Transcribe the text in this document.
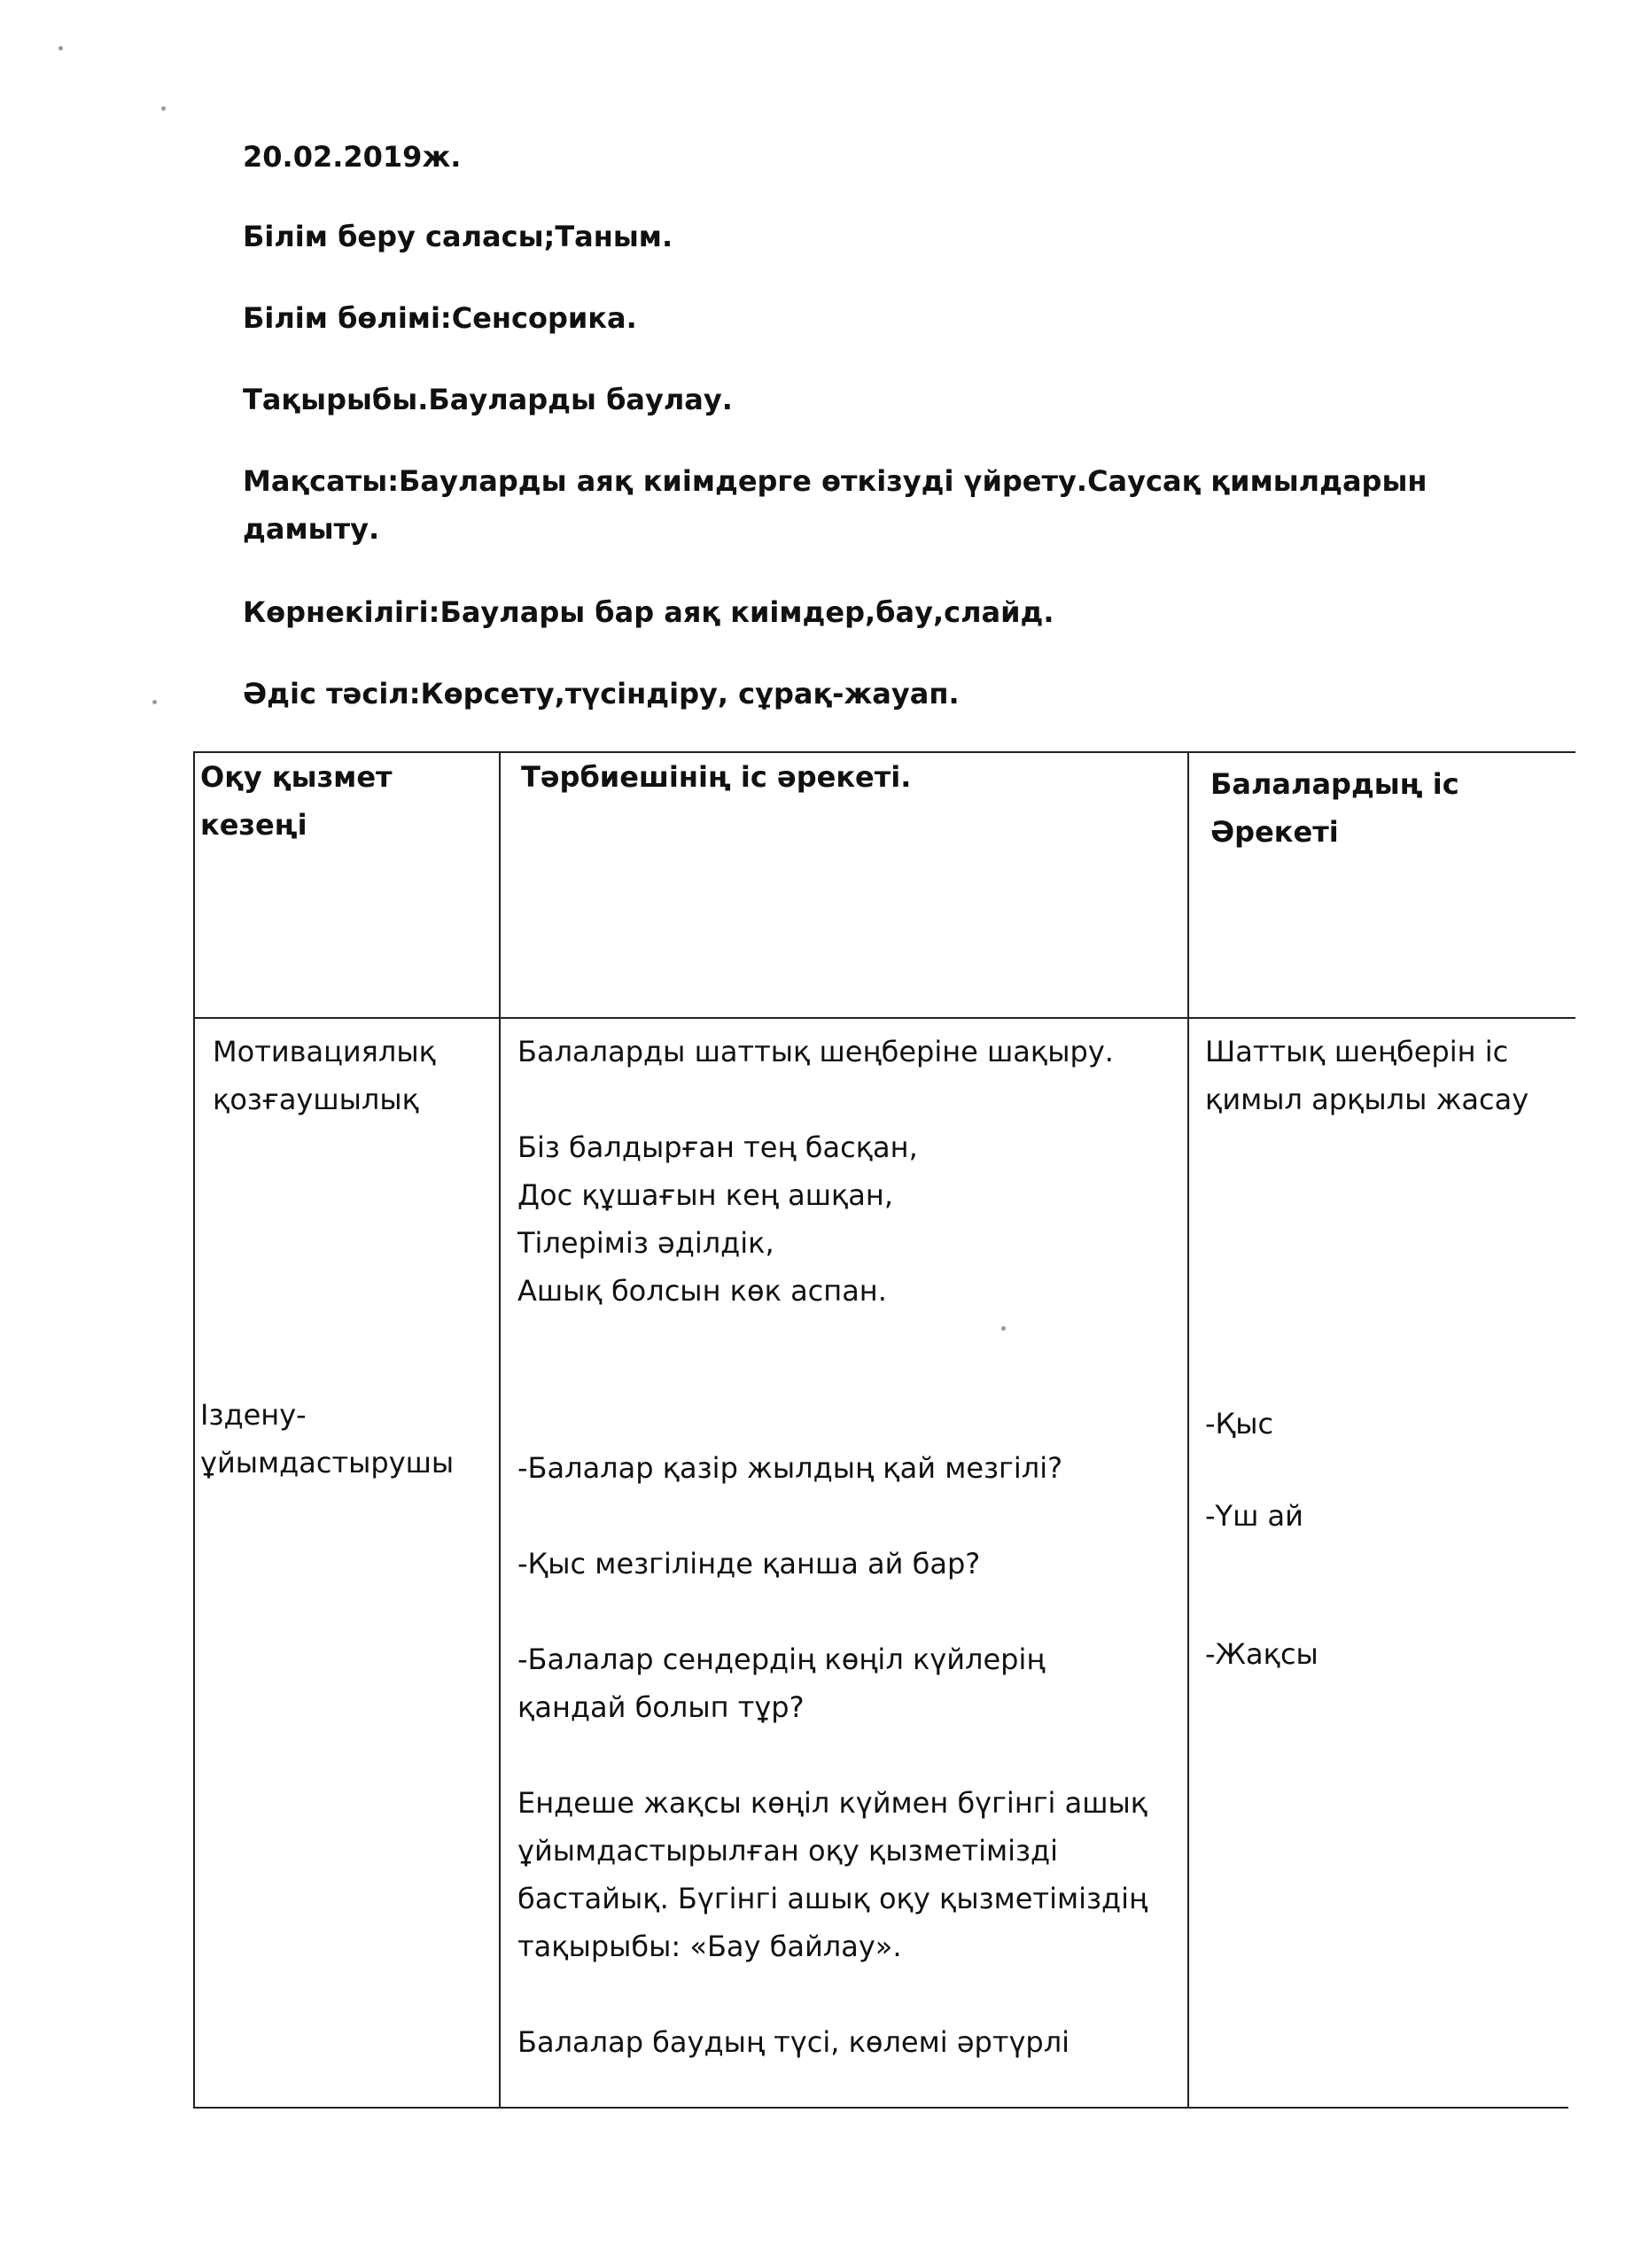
20.02.2019ж.

Білім беру саласы;Таным.

Білім бөлімі:Сенсорика.

Тақырыбы.Бауларды баулау.

Мақсаты:Бауларды аяқ киімдерге өткізуді үйрету.Саусақ қимылдарын дамыту.

Көрнекілігі:Баулары бар аяқ киімдер,бау,слайд.

Әдіс тәсіл:Көрсету,түсіндіру, сұрақ-жауап.

Оқу қызмет кезеңі
Тәрбиешінің іс әрекеті.	Балалардың іс Әрекеті
Мотивациялық қозғаушылық
Іздену-ұйымдастырушы

Балаларды шаттық шеңберіне шақыру.

Біз балдырған тең басқан,

Дос құшағын кең ашқан,

Тілеріміз әділдік,

Ашық болсын көк аспан.

-Балалар қазір жылдың қай мезгілі?

-Қыс мезгілінде қанша ай бар?

-Балалар сендердің көңіл күйлерің қандай болып тұр?

Ендеше жақсы көңіл күймен бүгінгі ашық ұйымдастырылған оқу қызметімізді бастайық. Бүгінгі ашық оқу қызметіміздің тақырыбы: «Бау байлау».

Балалар баудың түсі, көлемі әртүрлі

Шаттық шеңберін іс қимыл арқылы жасау
-Қыс
-Үш ай
-Жақсы
